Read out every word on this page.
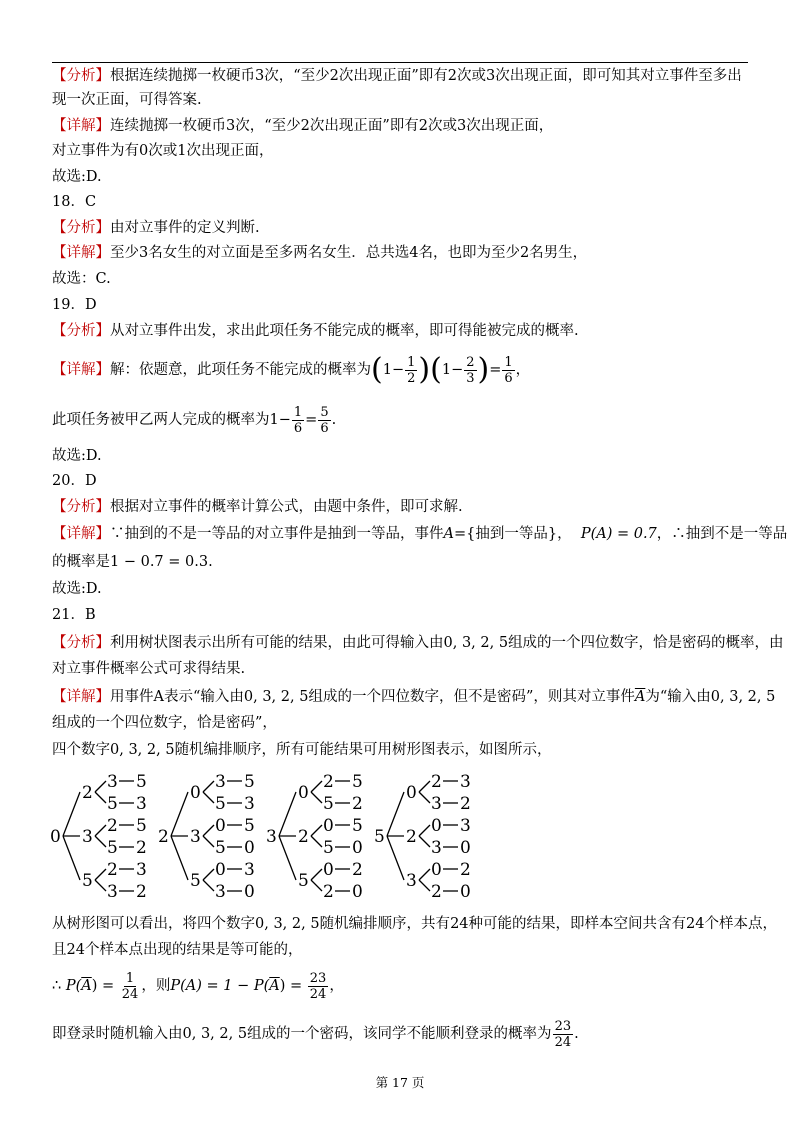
【分析】根据连续抛掷一枚硬币3次，“至少2次出现正面”即有2次或3次出现正面，即可知其对立事件至多出
现一次正面，可得答案.
【详解】连续抛掷一枚硬币3次，“至少2次出现正面”即有2次或3次出现正面，
对立事件为有0次或1次出现正面，
故选:D.
18．C
【分析】由对立事件的定义判断.
【详解】至少3名女生的对立面是至多两名女生．总共选4名，也即为至少2名男生，
故选：C.
19．D
【分析】从对立事件出发，求出此项任务不能完成的概率，即可得能被完成的概率.
【详解】解：依题意，此项任务不能完成的概率为$(1- \frac{1}{2} )(1- \frac{2}{3}$ )= $\frac{1}{6}$ ，
此项任务被甲乙两人完成的概率为$1- \frac{1}{6} = \frac{5}{6}$ .
故选:D.
20．D
【分析】根据对立事件的概率计算公式，由题中条件，即可求解.
【详解】∵抽到的不是一等品的对立事件是抽到一等品，事件A={抽到一等品}， P(A) = 0.7，∴抽到不是一等品
的概率是1 − 0.7 = 0.3.
故选:D.
21．B
【分析】利用树状图表示出所有可能的结果，由此可得输入由0, 3, 2, 5组成的一个四位数字，恰是密码的概率，由
对立事件概率公式可求得结果.
【详解】用事件A表示“输入由0, 3, 2, 5组成的一个四位数字，但不是密码”，则其对立事件$\overline{A}$为“输入由0, 3, 2, 5
组成的一个四位数字，恰是密码”，
四个数字0, 3, 2, 5随机编排顺序，所有可能结果可用树形图表示，如图所示，
0
2
3 5
5 3
3
2 5
5 2
5
2 3
3 2
2
0
3 5
5 3
3
0 5
5 0
5
0 3
3 0
3
0
2 5
5 2
2
0 5
5 0
5
0 2
2 0
5
0
2 3
3 2
2
0 3
3 0
3
0 2
2 0
从树形图可以看出，将四个数字0, 3, 2, 5随机编排顺序，共有24种可能的结果，即样本空间共含有24个样本点，
且24个样本点出现的结果是等可能的，
∴ $P(\overline{A}) = \frac{1}{24}$ ，则$P(A) = 1 - P(\overline{A}) = \frac{23}{24}$ ，
即登录时随机输入由0, 3, 2, 5组成的一个密码，该同学不能顺利登录的概率为 $\frac{23}{24}$ .
第 17 页
